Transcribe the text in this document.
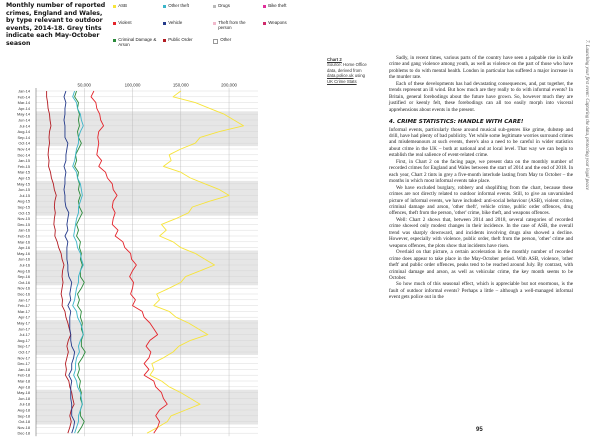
Monthly number of reported crimes, England and Wales, by type relevant to outdoor events, 2014-18. Grey tints indicate each May-October season
ASB	Other theft	Drugs	Bike theft
Violent	Vehicle	Theft from the person
Weapons
Criminal Damage & Arson
Public Order	Other
50,000	100,000	150,000	200,000
Jan-14
Feb-14
Mar-14
Apr-14
May-14
Jun-14
Jul-14
Aug-14
Sep-14
Oct-14
Nov-14
Dec-14
Jan-15
Feb-15
Mar-15
Apr-15
May-15
Jun-15
Jul-15
Aug-15
Sep-15
Oct-15
Nov-15
Dec-15
Jan-16
Feb-16
Mar-16
Apr-16
May-16
Jun-16
Jul-16
Aug-16
Sep-16
Oct-16
Nov-16
Dec-16
Jan-17
Feb-17
Mar-17
Apr-17
May-17
Jun-17
Jul-17
Aug-17
Sep-17
Oct-17
Nov-17
Dec-17
Jan-18
Feb-18
Mar-18
Apr-18
May-18
Jun-18
Jul-18
Aug-18
Sep-18
Oct-18
Nov-18
Dec-18
Chart 2
Source: Home Office data, derived from data.police.uk using UK Crime Stats

Sadly, in recent times, various parts of the country have seen a palpable rise in knife crime and gang violence among youth, as well as violence on the part of those who have problems to do with mental health. London in particular has suffered a major increase in the murder rate.

Each of these developments has had devastating consequences, and, put together, the trends represent an ill wind. But how much are they really to do with informal events? In Britain, general forebodings about the future have grown. So, however much they are justified or keenly felt, these forebodings can all too easily morph into visceral apprehensions about events in the present.

4. CRIME STATISTICS: HANDLE WITH CARE!

Informal events, particularly those around musical sub-genres like grime, dubstep and drill, have had plenty of bad publicity. Yet while some legitimate worries surround crimes and misdemeanours at such events, there's also a need to be careful in wider statistics about crime in the UK – both at national and at local level. That way we can begin to establish the real salience of event-related crime.

First, in Chart 2 on the facing page, we present data on the monthly number of recorded crimes for England and Wales between the start of 2014 and the end of 2018. In each year, Chart 2 tints in grey a five-month interlude lasting from May to October – the months in which most informal events take place.

We have excluded burglary, robbery and shoplifting from the chart, because these crimes are not directly related to outdoor informal events. Still, to give an unvarnished picture of informal events, we have included: anti-social behaviour (ASB), violent crime, criminal damage and arson, 'other theft', vehicle crime, public order offences, drug offences, theft from the person, 'other' crime, bike theft, and weapons offences.

Well: Chart 2 shows that, between 2014 and 2018, several categories of recorded crime showed only modest changes in their incidence. In the case of ASB, the overall trend was sharply downward, and incidents involving drugs also showed a decline. However, especially with violence, public order, theft from the person, 'other' crime and weapons offences, the plots show that incidents have risen.

Overlaid on that picture, a certain acceleration in the monthly number of recorded crime does appear to take place in the May-October period. With ASB, violence, 'other theft' and public order offences, peaks tend to be reached around July. By contrast, with criminal damage and arson, as well as vehicular crime, the key month seems to be October.

So how much of this seasonal effect, which is appreciable but not enormous, is the fault of outdoor informal events? Perhaps a little – although a well-managed informal event gets police out in the

95
7. Launching your first event: Capturing the data, protecting your legal peace
